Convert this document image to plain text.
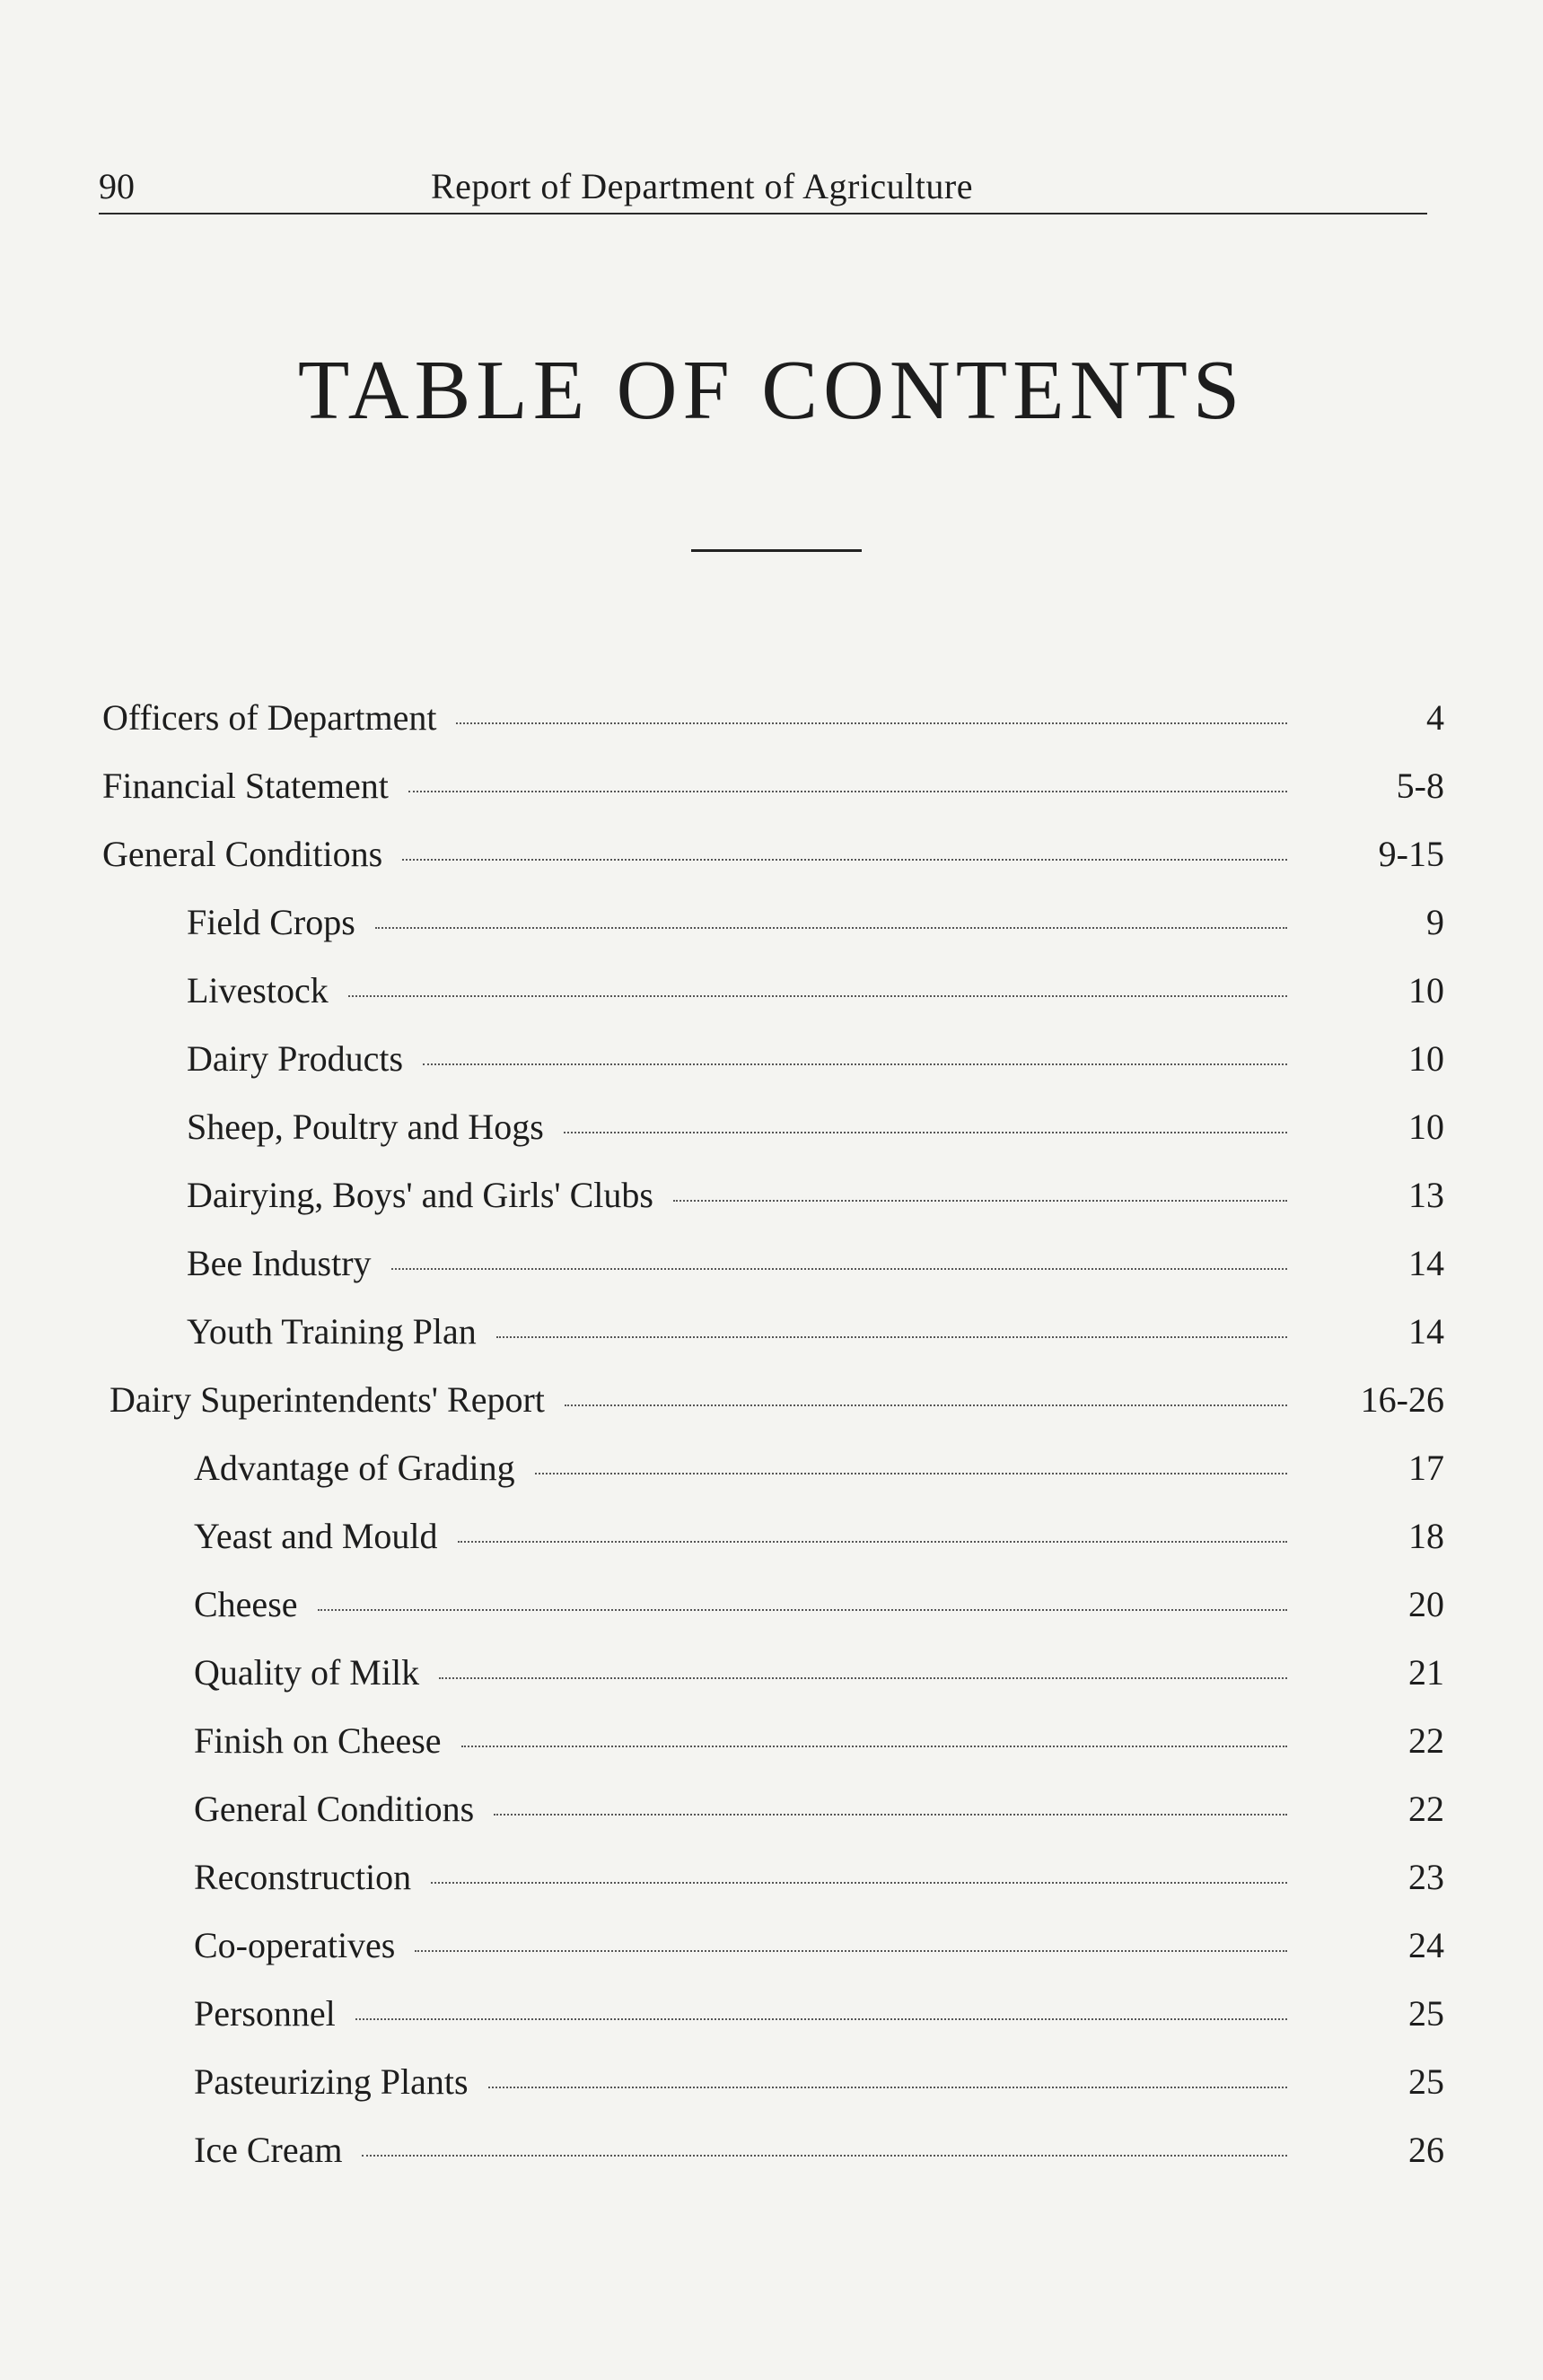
90	Report of Department of Agriculture
TABLE OF CONTENTS
Officers of Department	4
Financial Statement	5-8
General Conditions	9-15
Field Crops	9
Livestock	10
Dairy Products	10
Sheep, Poultry and Hogs	10
Dairying, Boys' and Girls' Clubs	13
Bee Industry	14
Youth Training Plan	14
Dairy Superintendents' Report	16-26
Advantage of Grading	17
Yeast and Mould	18
Cheese	20
Quality of Milk	21
Finish on Cheese	22
General Conditions	22
Reconstruction	23
Co-operatives	24
Personnel	25
Pasteurizing Plants	25
Ice Cream	26
